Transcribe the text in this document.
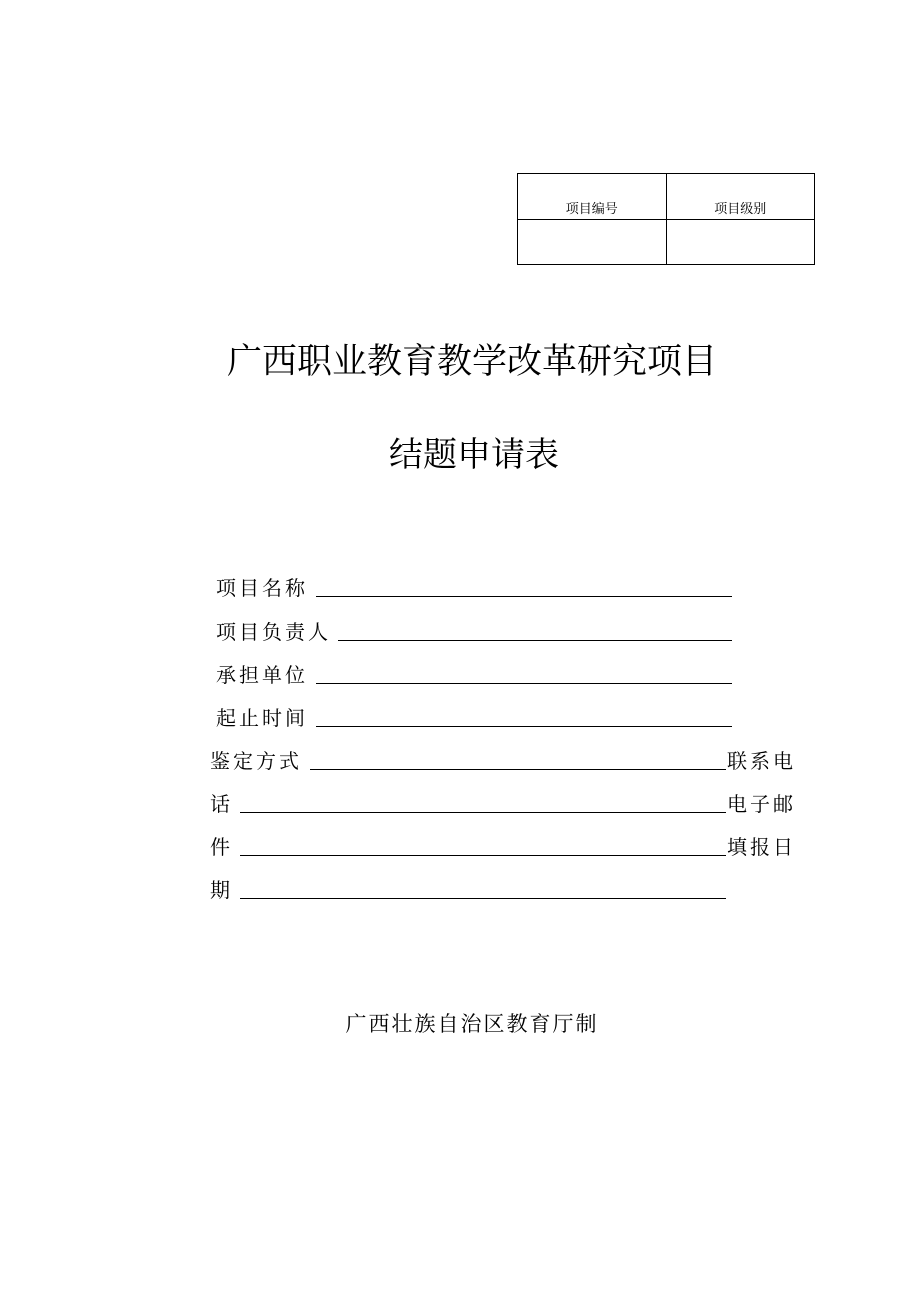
项目编号	项目级别

广西职业教育教学改革研究项目
结题申请表
项目名称
项目负责人
承担单位
起止时间
鉴定方式	联系电
话	电子邮
件	填报日
期
广西壮族自治区教育厅制
